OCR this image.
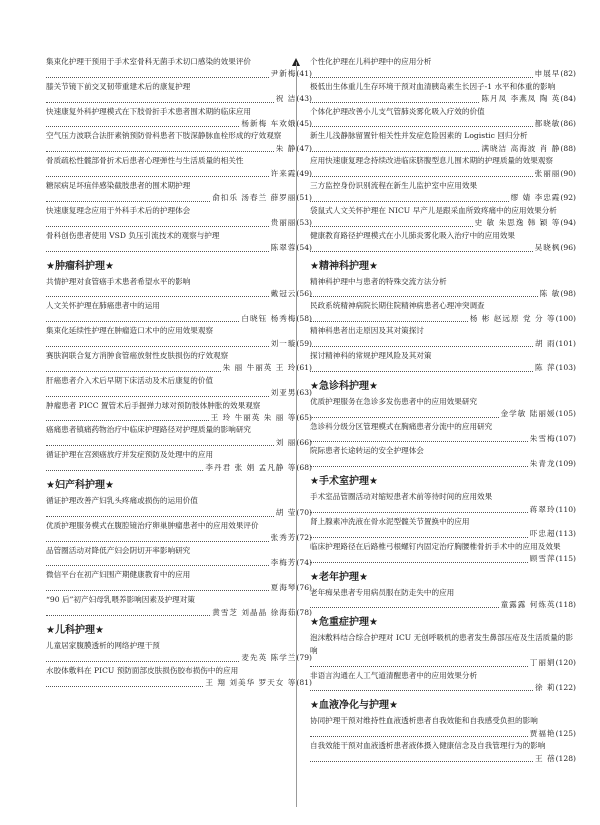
集束化护理干预用于手术室骨科无菌手术切口感染的效果评价
尹新梅 (41)
膝关节镜下前交叉韧带重建术后的康复护理
祝 洁 (43)
快速康复外科护理模式在下肢骨折手术患者围术期的临床应用
杨新梅 车欢娥 (45)
空气压力波联合法肝素钠预防骨科患者下肢深静脉血栓形成的疗效观察
朱 静 (47)
骨质疏松性髋部骨折术后患者心理弹性与生活质量的相关性
许来霞 (49)
糖尿病足坏疽伴感染截肢患者的围术期护理
俞扣乐 汤春兰 薛罗丽 (51)
快速康复理念应用于外科手术后的护理体会
贵丽丽 (53)
骨科创伤患者使用 VSD 负压引流技术的观察与护理
陈翠蓉 (54)
★肿瘤科护理★
共情护理对食管癌手术患者希望水平的影响
戴冠云 (56)
人文关怀护理在肺癌患者中的运用
白晓钰 杨秀梅 (58)
集束化延续性护理在肿瘤造口术中的应用效果观察
刘一璇 (59)
赛肤润联合复方消肿食管癌放射性皮肤损伤的疗效观察
朱 丽 牛丽英 王 玲 (61)
肝癌患者介入术后早期下床活动及术后康复的价值
刘亚男 (63)
肿瘤患者 PICC 置管术后手握弹力球对预防肢体肿胀的效果观察
王 玲 牛丽英 朱 丽 等 (65)
癌痛患者镇痛药物治疗中临床护理路径对护理质量的影响研究
刘 丽 (66)
循证护理在宫颈癌放疗并发症预防及处理中的应用
李丹君 张 娟 孟凡静 等 (68)
★妇产科护理★
循证护理改善产妇乳头疼痛或损伤的运用价值
胡 莹 (70)
优质护理服务模式在腹腔镜治疗卵巢肿瘤患者中的应用效果评价
张秀芳 (72)
品管圈活动对降低产妇会阴切开率影响研究
李梅芳 (74)
微信平台在初产妇围产期健康教育中的应用
夏海琴 (76)
“90 后”初产妇母乳喂养影响因素及护理对策
黄雪芝 刘晶晶 徐海茹 (78)
★儿科护理★
儿童居家腹膜透析的网络护理干预
麦先英 陈学兰 (79)
水胶体敷料在 PICU 预防面部皮肤损伤胶布损伤中的应用
王 翔 刘美华 罗天女 等 (81)
个性化护理在儿科护理中的应用分析
申展早 (82)
极低出生体重儿生存环境干预对血清胰岛素生长因子-1 水平和体重的影响
陈月凤 李燕凤 陶 英 (84)
个体化护理改善小儿支气管肺炎雾化吸入疗效的价值
都晓敏 (86)
新生儿浅静脉留置针相关性并发症危险因素的 Logistic 回归分析
满晓洁 高海波 肖 静 (88)
应用快速康复理念持续改进临床脐腹型息儿围术期的护理质量的效果观察
张丽丽 (90)
三方监控身份识别流程在新生儿监护室中应用效果
缪 婧 李忠霞 (92)
袋鼠式人文关怀护理在 NICU 早产儿是跟采血所致疼痛中的应用效果分析
史 敏 朱思逸 韩 颖 等 (94)
健康教育路径护理模式在小儿肺炎雾化吸入治疗中的应用效果
吴晓枫 (96)
★精神科护理★
精神科护理中与患者的特殊交流方法分析
陈 敏 (98)
民政系统精神病院长期住院精神病患者心理冲突调查
杨 彬 赵远原 党 分 等 (100)
精神科患者出走原因及其对策探讨
胡 雨 (101)
探讨精神科的常规护理风险及其对策
陈 萍 (103)
★急诊科护理★
优质护理服务在急诊多发伤患者中的应用效果研究
金学敏 陆丽媛 (105)
急诊科分级分区管理模式在胸痛患者分流中的应用研究
朱雪梅 (107)
院际患者长途转运的安全护理体会
朱青龙 (109)
★手术室护理★
手术室品管圈活动对缩短患者术前等待时间的应用效果
蒋翠玲 (110)
肾上腺素冲洗液在骨水泥型髋关节置换中的应用
吓忠超 (113)
临床护理路径在后路椎弓根螺钉内固定治疗胸腰椎骨折手术中的应用及效果
顾雪萍 (115)
★老年护理★
老年痴呆患者专用病员服在防走失中的应用
童露露 何炼英 (118)
★危重症护理★
泡沫敷料结合综合护理对 ICU 无创呼吸机的患者发生鼻部压疮及生活质量的影响
丁丽娟 (120)
非语言沟通在人工气道清醒患者中的应用效果分析
徐 莉 (122)
★血液净化与护理★
协同护理干预对维持性血液透析患者自我效能和自我感受负担的影响
贾福艳 (125)
自我效能干预对血液透析患者液体摄入健康信念及自我管理行为的影响
王 蓓 (128)
